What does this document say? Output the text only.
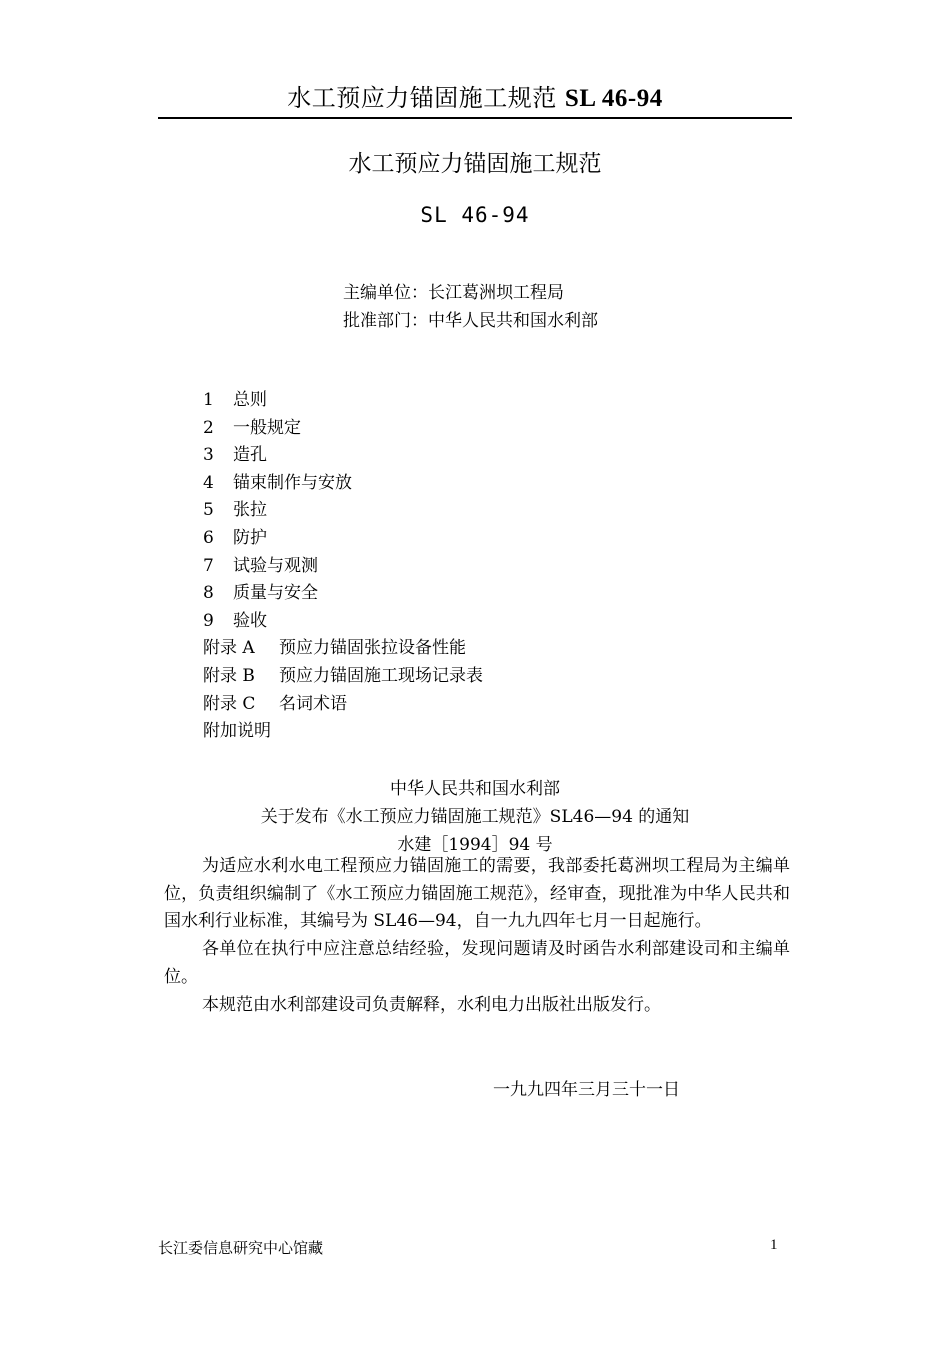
水工预应力锚固施工规范 SL 46-94
水工预应力锚固施工规范
SL 46-94
主编单位：长江葛洲坝工程局
批准部门：中华人民共和国水利部
1 总则
2 一般规定
3 造孔
4 锚束制作与安放
5 张拉
6 防护
7 试验与观测
8 质量与安全
9 验收
附录 A 预应力锚固张拉设备性能
附录 B 预应力锚固施工现场记录表
附录 C 名词术语
附加说明
中华人民共和国水利部
关于发布《水工预应力锚固施工规范》SL46—94 的通知
水建［1994］94 号

为适应水利水电工程预应力锚固施工的需要，我部委托葛洲坝工程局为主编单位，负责组织编制了《水工预应力锚固施工规范》，经审查，现批准为中华人民共和国水利行业标准，其编号为 SL46—94，自一九九四年七月一日起施行。

各单位在执行中应注意总结经验，发现问题请及时函告水利部建设司和主编单位。

本规范由水利部建设司负责解释，水利电力出版社出版发行。

一九九四年三月三十一日
长江委信息研究中心馆藏	1
